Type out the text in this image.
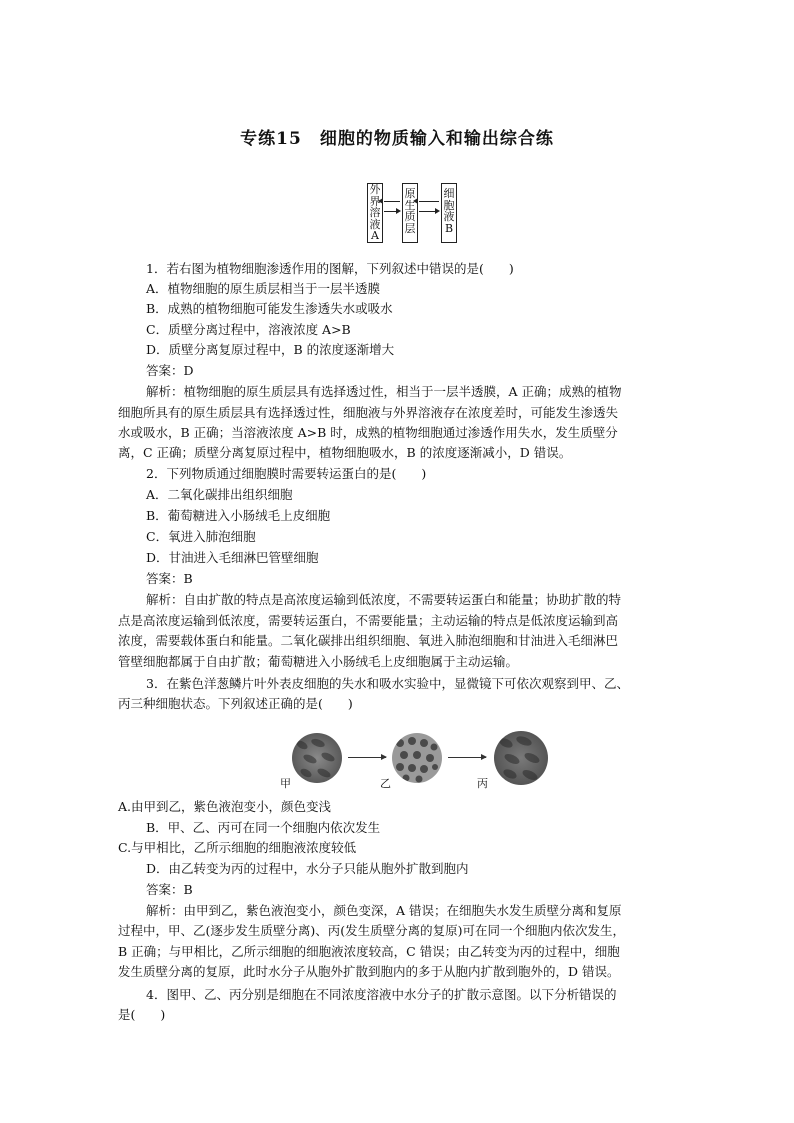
专练15　细胞的物质输入和输出综合练
外
界
溶
液
A
原
生
质
层
细
胞
液
B
1．若右图为植物细胞渗透作用的图解，下列叙述中错误的是(　　)
A．植物细胞的原生质层相当于一层半透膜
B．成熟的植物细胞可能发生渗透失水或吸水
C．质壁分离过程中，溶液浓度 A>B
D．质壁分离复原过程中，B 的浓度逐渐增大
答案：D
解析：植物细胞的原生质层具有选择透过性，相当于一层半透膜，A 正确；成熟的植物
细胞所具有的原生质层具有选择透过性，细胞液与外界溶液存在浓度差时，可能发生渗透失
水或吸水，B 正确；当溶液浓度 A>B 时，成熟的植物细胞通过渗透作用失水，发生质壁分
离，C 正确；质壁分离复原过程中，植物细胞吸水，B 的浓度逐渐减小，D 错误。
2．下列物质通过细胞膜时需要转运蛋白的是(　　)
A．二氧化碳排出组织细胞
B．葡萄糖进入小肠绒毛上皮细胞
C．氧进入肺泡细胞
D．甘油进入毛细淋巴管壁细胞
答案：B
解析：自由扩散的特点是高浓度运输到低浓度，不需要转运蛋白和能量；协助扩散的特
点是高浓度运输到低浓度，需要转运蛋白，不需要能量；主动运输的特点是低浓度运输到高
浓度，需要载体蛋白和能量。二氧化碳排出组织细胞、氧进入肺泡细胞和甘油进入毛细淋巴
管壁细胞都属于自由扩散；葡萄糖进入小肠绒毛上皮细胞属于主动运输。
3．在紫色洋葱鳞片叶外表皮细胞的失水和吸水实验中，显微镜下可依次观察到甲、乙、
丙三种细胞状态。下列叙述正确的是(　　)
A.由甲到乙，紫色液泡变小，颜色变浅
B．甲、乙、丙可在同一个细胞内依次发生
C.与甲相比，乙所示细胞的细胞液浓度较低
D．由乙转变为丙的过程中，水分子只能从胞外扩散到胞内
答案：B
解析：由甲到乙，紫色液泡变小，颜色变深，A 错误；在细胞失水发生质壁分离和复原
过程中，甲、乙(逐步发生质壁分离)、丙(发生质壁分离的复原)可在同一个细胞内依次发生，
B 正确；与甲相比，乙所示细胞的细胞液浓度较高，C 错误；由乙转变为丙的过程中，细胞
发生质壁分离的复原，此时水分子从胞外扩散到胞内的多于从胞内扩散到胞外的，D 错误。
4．图甲、乙、丙分别是细胞在不同浓度溶液中水分子的扩散示意图。以下分析错误的
是(　　)
甲	乙	丙
